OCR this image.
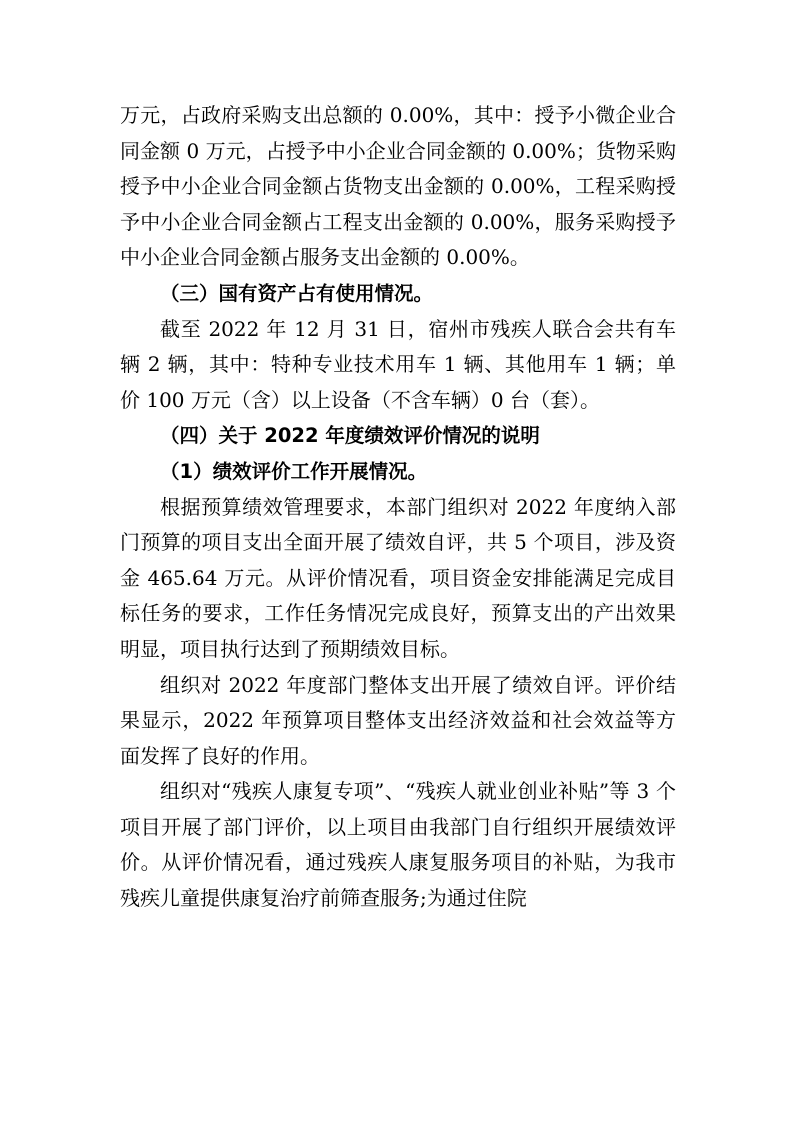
万元，占政府采购支出总额的 0.00%，其中：授予小微企业合同金额 0 万元，占授予中小企业合同金额的 0.00%；货物采购授予中小企业合同金额占货物支出金额的 0.00%，工程采购授予中小企业合同金额占工程支出金额的 0.00%，服务采购授予中小企业合同金额占服务支出金额的 0.00%。

（三）国有资产占有使用情况。

截至 2022 年 12 月 31 日，宿州市残疾人联合会共有车辆 2 辆，其中：特种专业技术用车 1 辆、其他用车 1 辆；单价 100 万元（含）以上设备（不含车辆）0 台（套）。

（四）关于 2022 年度绩效评价情况的说明

（1）绩效评价工作开展情况。

根据预算绩效管理要求，本部门组织对 2022 年度纳入部门预算的项目支出全面开展了绩效自评，共 5 个项目，涉及资金 465.64 万元。从评价情况看，项目资金安排能满足完成目标任务的要求，工作任务情况完成良好，预算支出的产出效果明显，项目执行达到了预期绩效目标。

组织对 2022 年度部门整体支出开展了绩效自评。评价结果显示，2022 年预算项目整体支出经济效益和社会效益等方面发挥了良好的作用。

组织对“残疾人康复专项”、“残疾人就业创业补贴”等 3 个项目开展了部门评价，以上项目由我部门自行组织开展绩效评价。从评价情况看，通过残疾人康复服务项目的补贴，为我市残疾儿童提供康复治疗前筛查服务;为通过住院
